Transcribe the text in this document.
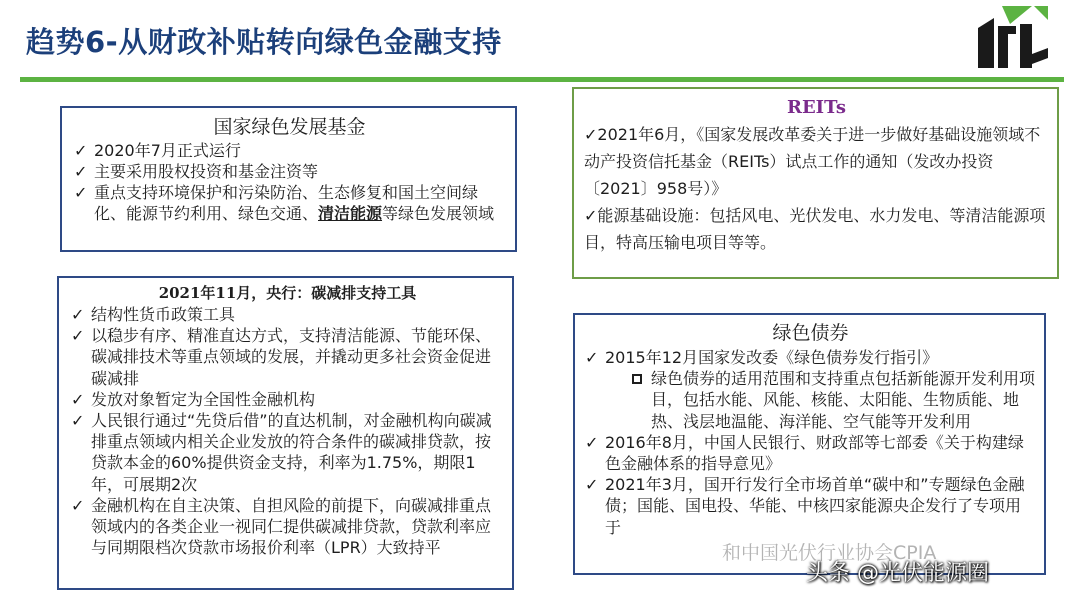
趋势6-从财政补贴转向绿色金融支持
国家绿色发展基金
✓ 2020年7月正式运行
✓ 主要采用股权投资和基金注资等
✓ 重点支持环境保护和污染防治、生态修复和国土空间绿化、能源节约利用、绿色交通、清洁能源等绿色发展领域
2021年11月，央行：碳减排支持工具
✓ 结构性货币政策工具
✓ 以稳步有序、精准直达方式，支持清洁能源、节能环保、碳减排技术等重点领域的发展，并撬动更多社会资金促进碳减排
✓ 发放对象暂定为全国性金融机构
✓ 人民银行通过“先贷后借”的直达机制，对金融机构向碳减排重点领域内相关企业发放的符合条件的碳减排贷款，按贷款本金的60%提供资金支持，利率为1.75%，期限1年，可展期2次
✓ 金融机构在自主决策、自担风险的前提下，向碳减排重点领域内的各类企业一视同仁提供碳减排贷款，贷款利率应与同期限档次贷款市场报价利率（LPR）大致持平
REITs
✓2021年6月，《国家发展改革委关于进一步做好基础设施领域不动产投资信托基金（REITs）试点工作的通知（发改办投资〔2021〕958号）》
✓能源基础设施：包括风电、光伏发电、水力发电、等清洁能源项目，特高压输电项目等等。
绿色债券
✓ 2015年12月国家发改委《绿色债券发行指引》
绿色债券的适用范围和支持重点包括新能源开发利用项目，包括水能、风能、核能、太阳能、生物质能、地热、浅层地温能、海洋能、空气能等开发利用
✓ 2016年8月，中国人民银行、财政部等七部委《关于构建绿色金融体系的指导意见》
✓ 2021年3月，国开行发行全市场首单“碳中和”专题绿色金融债；国能、国电投、华能、中核四家能源央企发行了专项用于
和中国光伏行业协会CPIA
头条 @光伏能源圈
